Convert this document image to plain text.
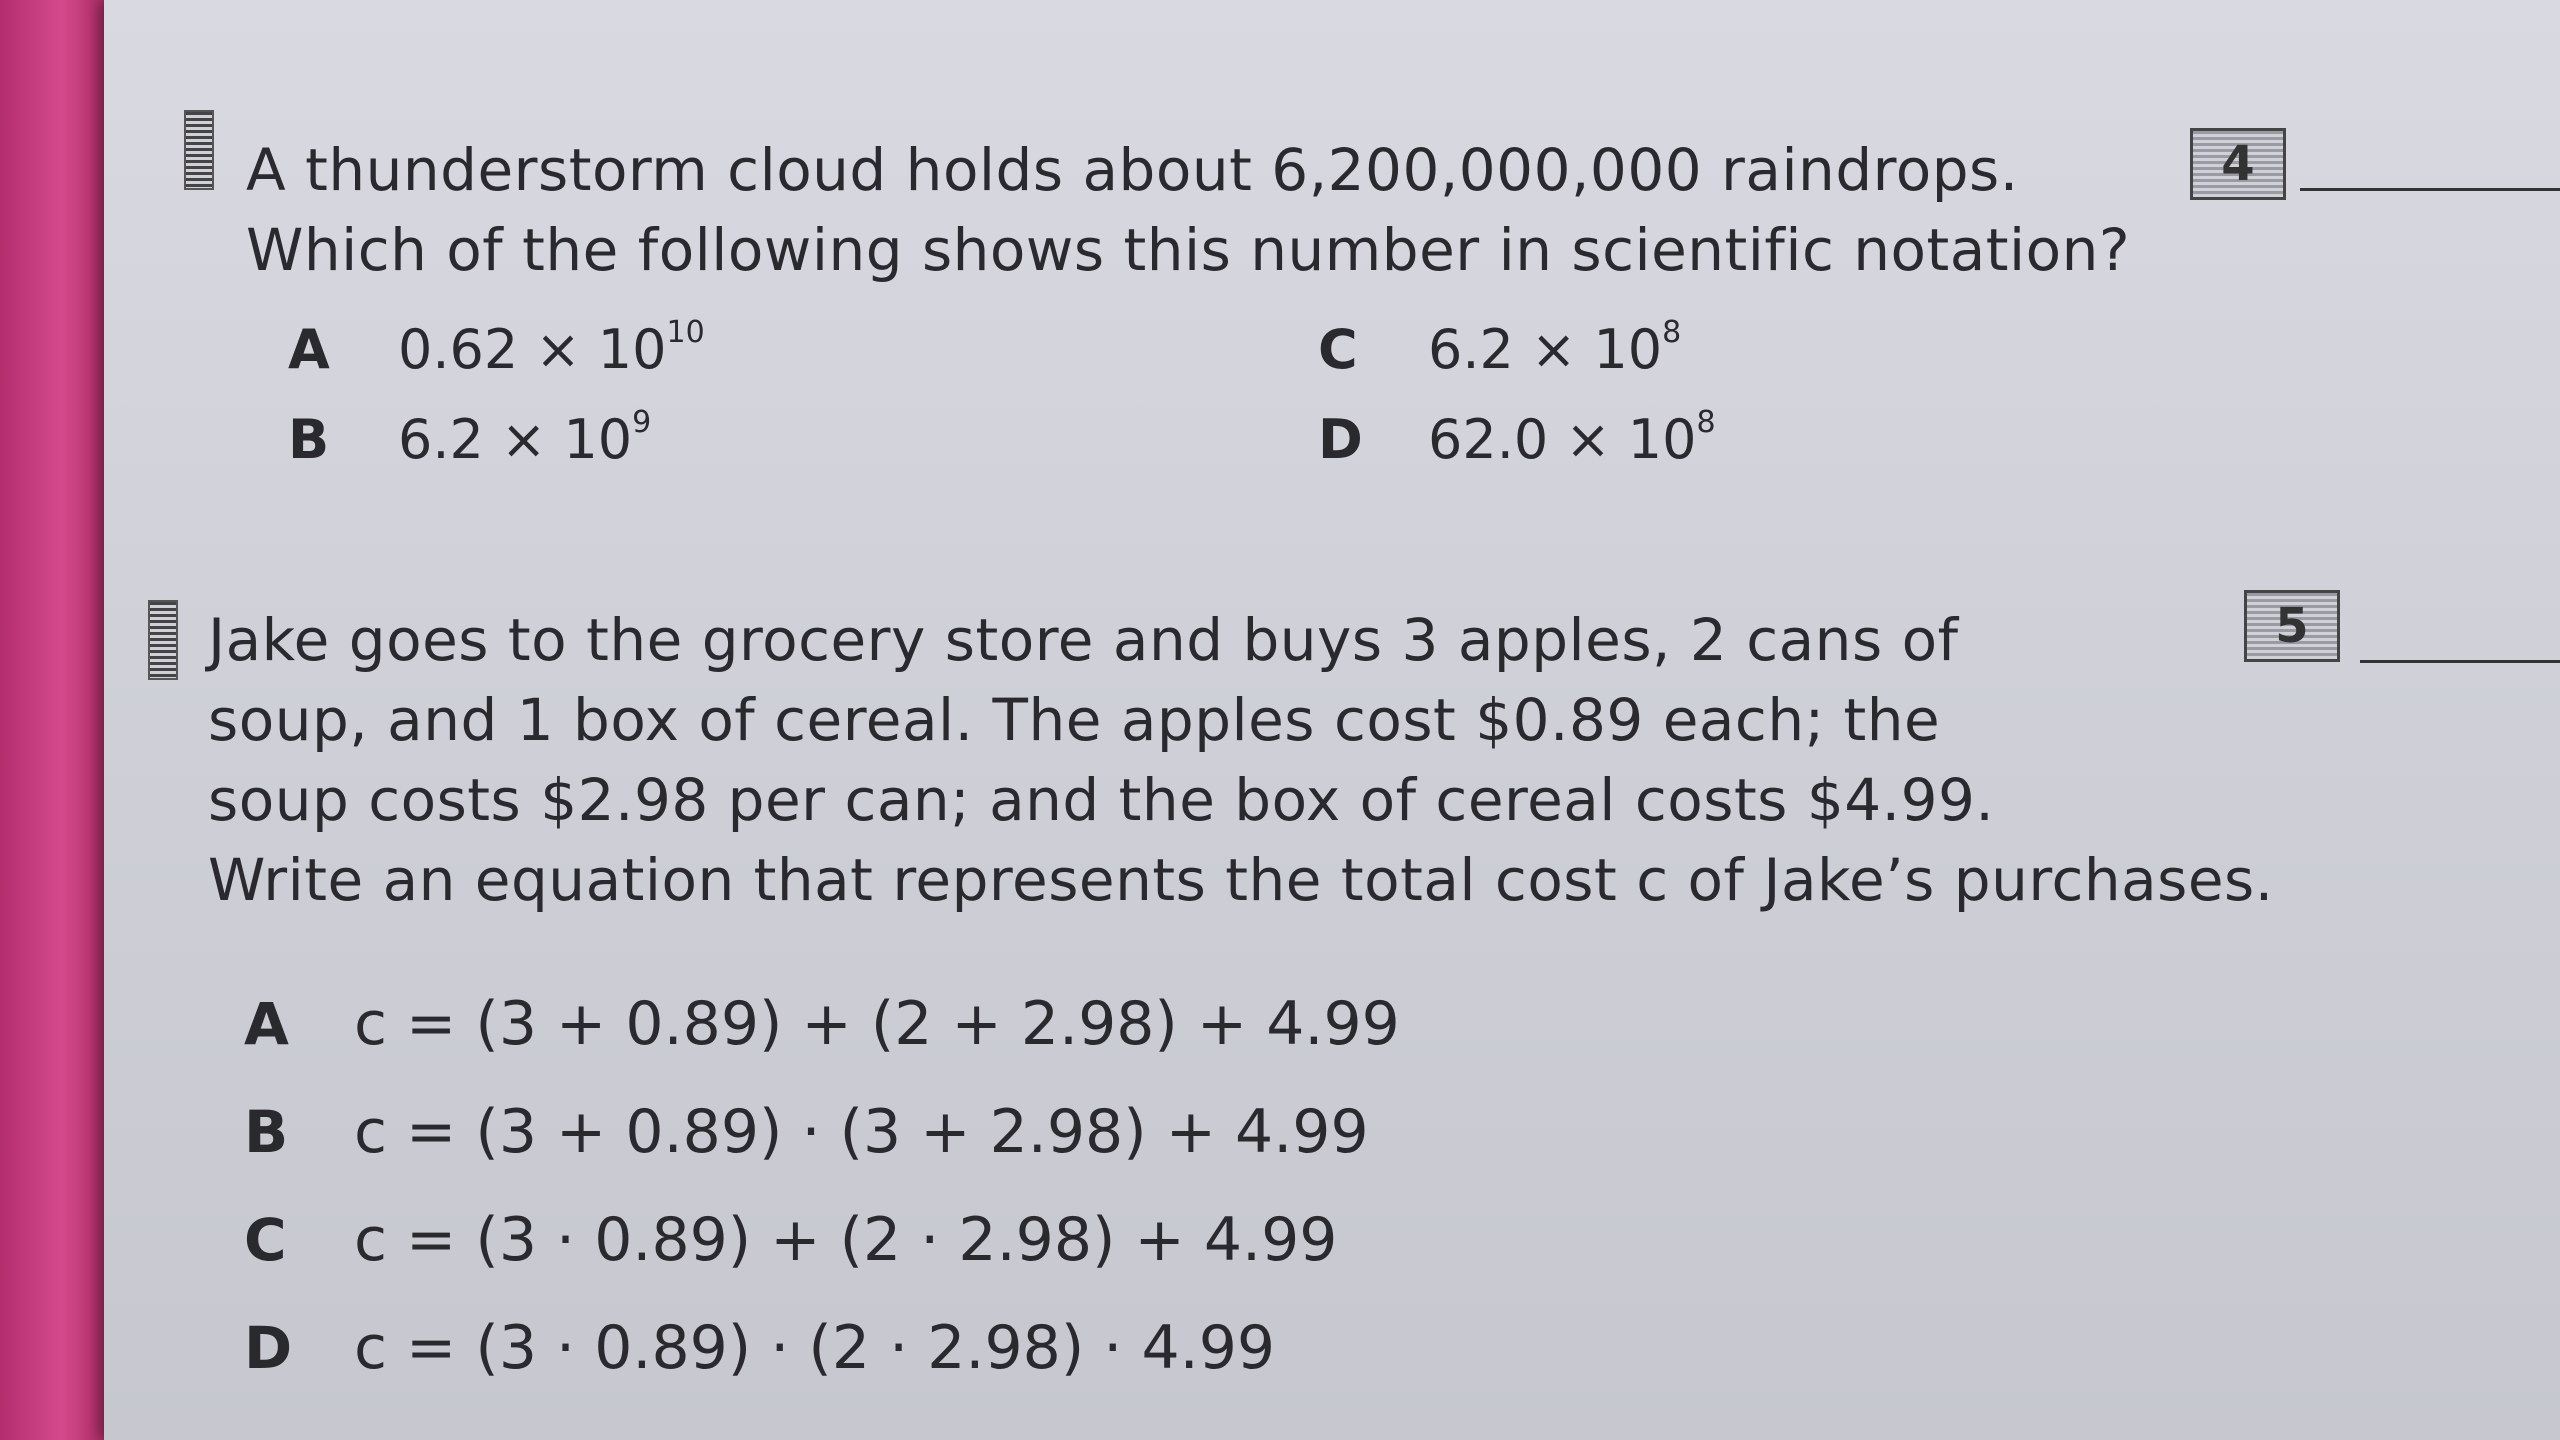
A thunderstorm cloud holds about 6,200,000,000 raindrops.
Which of the following shows this number in scientific notation?
4
A $0.62 \times 10^{10}$
B $6.2 \times 10^9$
C $6.2 \times 10^8$
D $62.0 \times 10^8$
Jake goes to the grocery store and buys 3 apples, 2 cans of
soup, and 1 box of cereal. The apples cost $0.89 each; the
soup costs $2.98 per can; and the box of cereal costs $4.99.
Write an equation that represents the total cost c of Jake’s purchases.
5
A c = (3 + 0.89) + (2 + 2.98) + 4.99
B c = (3 + 0.89) · (3 + 2.98) + 4.99
C c = (3 · 0.89) + (2 · 2.98) + 4.99
D c = (3 · 0.89) · (2 · 2.98) · 4.99
